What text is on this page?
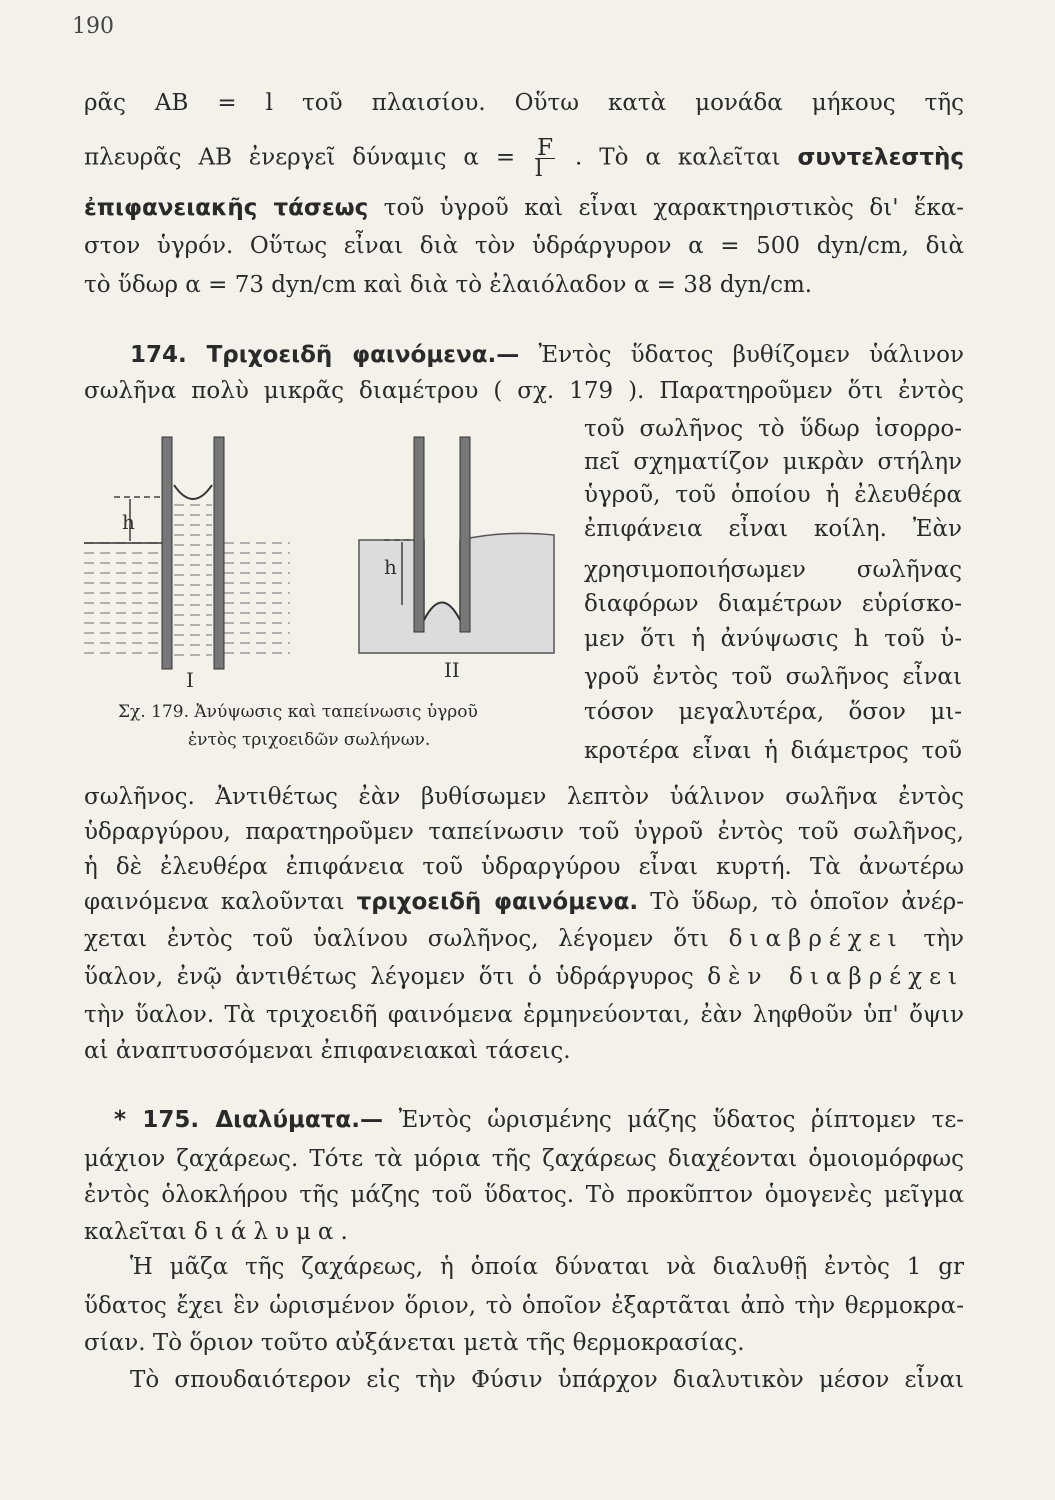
190
ρᾶς AB = l τοῦ πλαισίου. Οὕτω κατὰ μονάδα μήκους τῆς
πλευρᾶς AB ἐνεργεῖ δύναμις $\alpha = \frac{F}{l}$ . Τὸ α καλεῖται συντελεστὴς
ἐπιφανειακῆς τάσεως τοῦ ὑγροῦ καὶ εἶναι χαρακτηριστικὸς δι' ἕκα-
στον ὑγρόν. Οὕτως εἶναι διὰ τὸν ὑδράργυρον α = 500 dyn/cm, διὰ
τὸ ὕδωρ α = 73 dyn/cm καὶ διὰ τὸ ἐλαιόλαδον α = 38 dyn/cm.
174. Τριχοειδῆ φαινόμενα.— Ἐντὸς ὕδατος βυθίζομεν ὑάλινον
σωλῆνα πολὺ μικρᾶς διαμέτρου ( σχ. 179 ). Παρατηροῦμεν ὅτι ἐντὸς
τοῦ σωλῆνος τὸ ὕδωρ ἰσορρο-
πεῖ σχηματίζον μικρὰν στήλην
ὑγροῦ, τοῦ ὁποίου ἡ ἐλευθέρα
ἐπιφάνεια εἶναι κοίλη. Ἐὰν
χρησιμοποιήσωμεν σωλῆνας
διαφόρων διαμέτρων εὑρίσκο-
μεν ὅτι ἡ ἀνύψωσις h τοῦ ὑ-
γροῦ ἐντὸς τοῦ σωλῆνος εἶναι
τόσον μεγαλυτέρα, ὅσον μι-
κροτέρα εἶναι ἡ διάμετρος τοῦ
h
h
I	II
Σχ. 179. Ἀνύψωσις καὶ ταπείνωσις ὑγροῦ
ἐντὸς τριχοειδῶν σωλήνων.
σωλῆνος. Ἀντιθέτως ἐὰν βυθίσωμεν λεπτὸν ὑάλινον σωλῆνα ἐντὸς
ὑδραργύρου, παρατηροῦμεν ταπείνωσιν τοῦ ὑγροῦ ἐντὸς τοῦ σωλῆνος,
ἡ δὲ ἐλευθέρα ἐπιφάνεια τοῦ ὑδραργύρου εἶναι κυρτή. Τὰ ἀνωτέρω
φαινόμενα καλοῦνται τριχοειδῆ φαινόμενα. Τὸ ὕδωρ, τὸ ὁποῖον ἀνέρ-
χεται ἐντὸς τοῦ ὑαλίνου σωλῆνος, λέγομεν ὅτι διαβρέχει τὴν
ὕαλον, ἐνῷ ἀντιθέτως λέγομεν ὅτι ὁ ὑδράργυρος δὲν διαβρέχει
τὴν ὕαλον. Τὰ τριχοειδῆ φαινόμενα ἑρμηνεύονται, ἐὰν ληφθοῦν ὑπ' ὄψιν
αἱ ἀναπτυσσόμεναι ἐπιφανειακαὶ τάσεις.
* 175. Διαλύματα.— Ἐντὸς ὡρισμένης μάζης ὕδατος ῥίπτομεν τε-
μάχιον ζαχάρεως. Τότε τὰ μόρια τῆς ζαχάρεως διαχέονται ὁμοιομόρφως
ἐντὸς ὁλοκλήρου τῆς μάζης τοῦ ὕδατος. Τὸ προκῦπτον ὁμογενὲς μεῖγμα
καλεῖται διάλυμα.
Ἡ μᾶζα τῆς ζαχάρεως, ἡ ὁποία δύναται νὰ διαλυθῇ ἐντὸς 1 gr
ὕδατος ἔχει ἓν ὡρισμένον ὅριον, τὸ ὁποῖον ἐξαρτᾶται ἀπὸ τὴν θερμοκρα-
σίαν. Τὸ ὅριον τοῦτο αὐξάνεται μετὰ τῆς θερμοκρασίας.
Τὸ σπουδαιότερον εἰς τὴν Φύσιν ὑπάρχον διαλυτικὸν μέσον εἶναι
